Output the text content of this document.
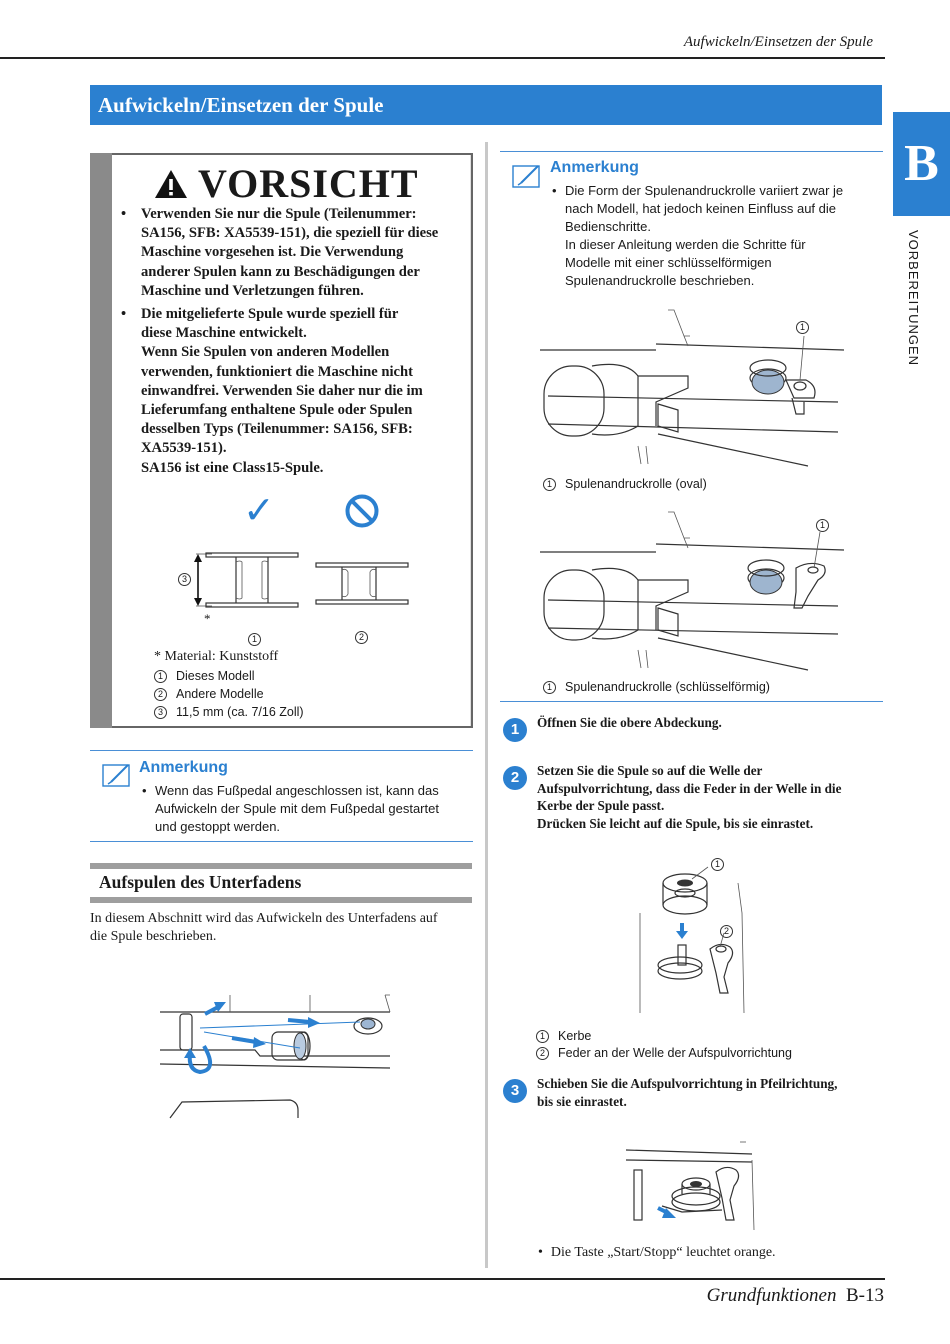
Aufwickeln/Einsetzen der Spule
Aufwickeln/Einsetzen der Spule
B
VORBEREITUNGEN
VORSICHT
• Verwenden Sie nur die Spule (Teilenummer:
SA156, SFB: XA5539-151), die speziell für diese
Maschine vorgesehen ist. Die Verwendung
anderer Spulen kann zu Beschädigungen der
Maschine und Verletzungen führen.
• Die mitgelieferte Spule wurde speziell für
diese Maschine entwickelt.
Wenn Sie Spulen von anderen Modellen
verwenden, funktioniert die Maschine nicht
einwandfrei. Verwenden Sie daher nur die im
Lieferumfang enthaltene Spule oder Spulen
desselben Typs (Teilenummer: SA156, SFB:
XA5539-151).
SA156 ist eine Class15-Spule.
✓
3
*
1	2
* Material: Kunststoff
1 Dieses Modell
2 Andere Modelle
3 11,5 mm (ca. 7/16 Zoll)
Anmerkung
• Wenn das Fußpedal angeschlossen ist, kann das
Aufwickeln der Spule mit dem Fußpedal gestartet
und gestoppt werden.
Aufspulen des Unterfadens
In diesem Abschnitt wird das Aufwickeln des Unterfadens auf
die Spule beschrieben.
Anmerkung
• Die Form der Spulenandruckrolle variiert zwar je
nach Modell, hat jedoch keinen Einfluss auf die
Bedienschritte.
In dieser Anleitung werden die Schritte für
Modelle mit einer schlüsselförmigen
Spulenandruckrolle beschrieben.
1
1 Spulenandruckrolle (oval)
1
1 Spulenandruckrolle (schlüsselförmig)
1	Öffnen Sie die obere Abdeckung.
2	Setzen Sie die Spule so auf die Welle der
Aufspulvorrichtung, dass die Feder in der Welle in die
Kerbe der Spule passt.
Drücken Sie leicht auf die Spule, bis sie einrastet.
1
2
1 Kerbe
2 Feder an der Welle der Aufspulvorrichtung
3	Schieben Sie die Aufspulvorrichtung in Pfeilrichtung,
bis sie einrastet.
• Die Taste „Start/Stopp“ leuchtet orange.
Grundfunktionen B-13
